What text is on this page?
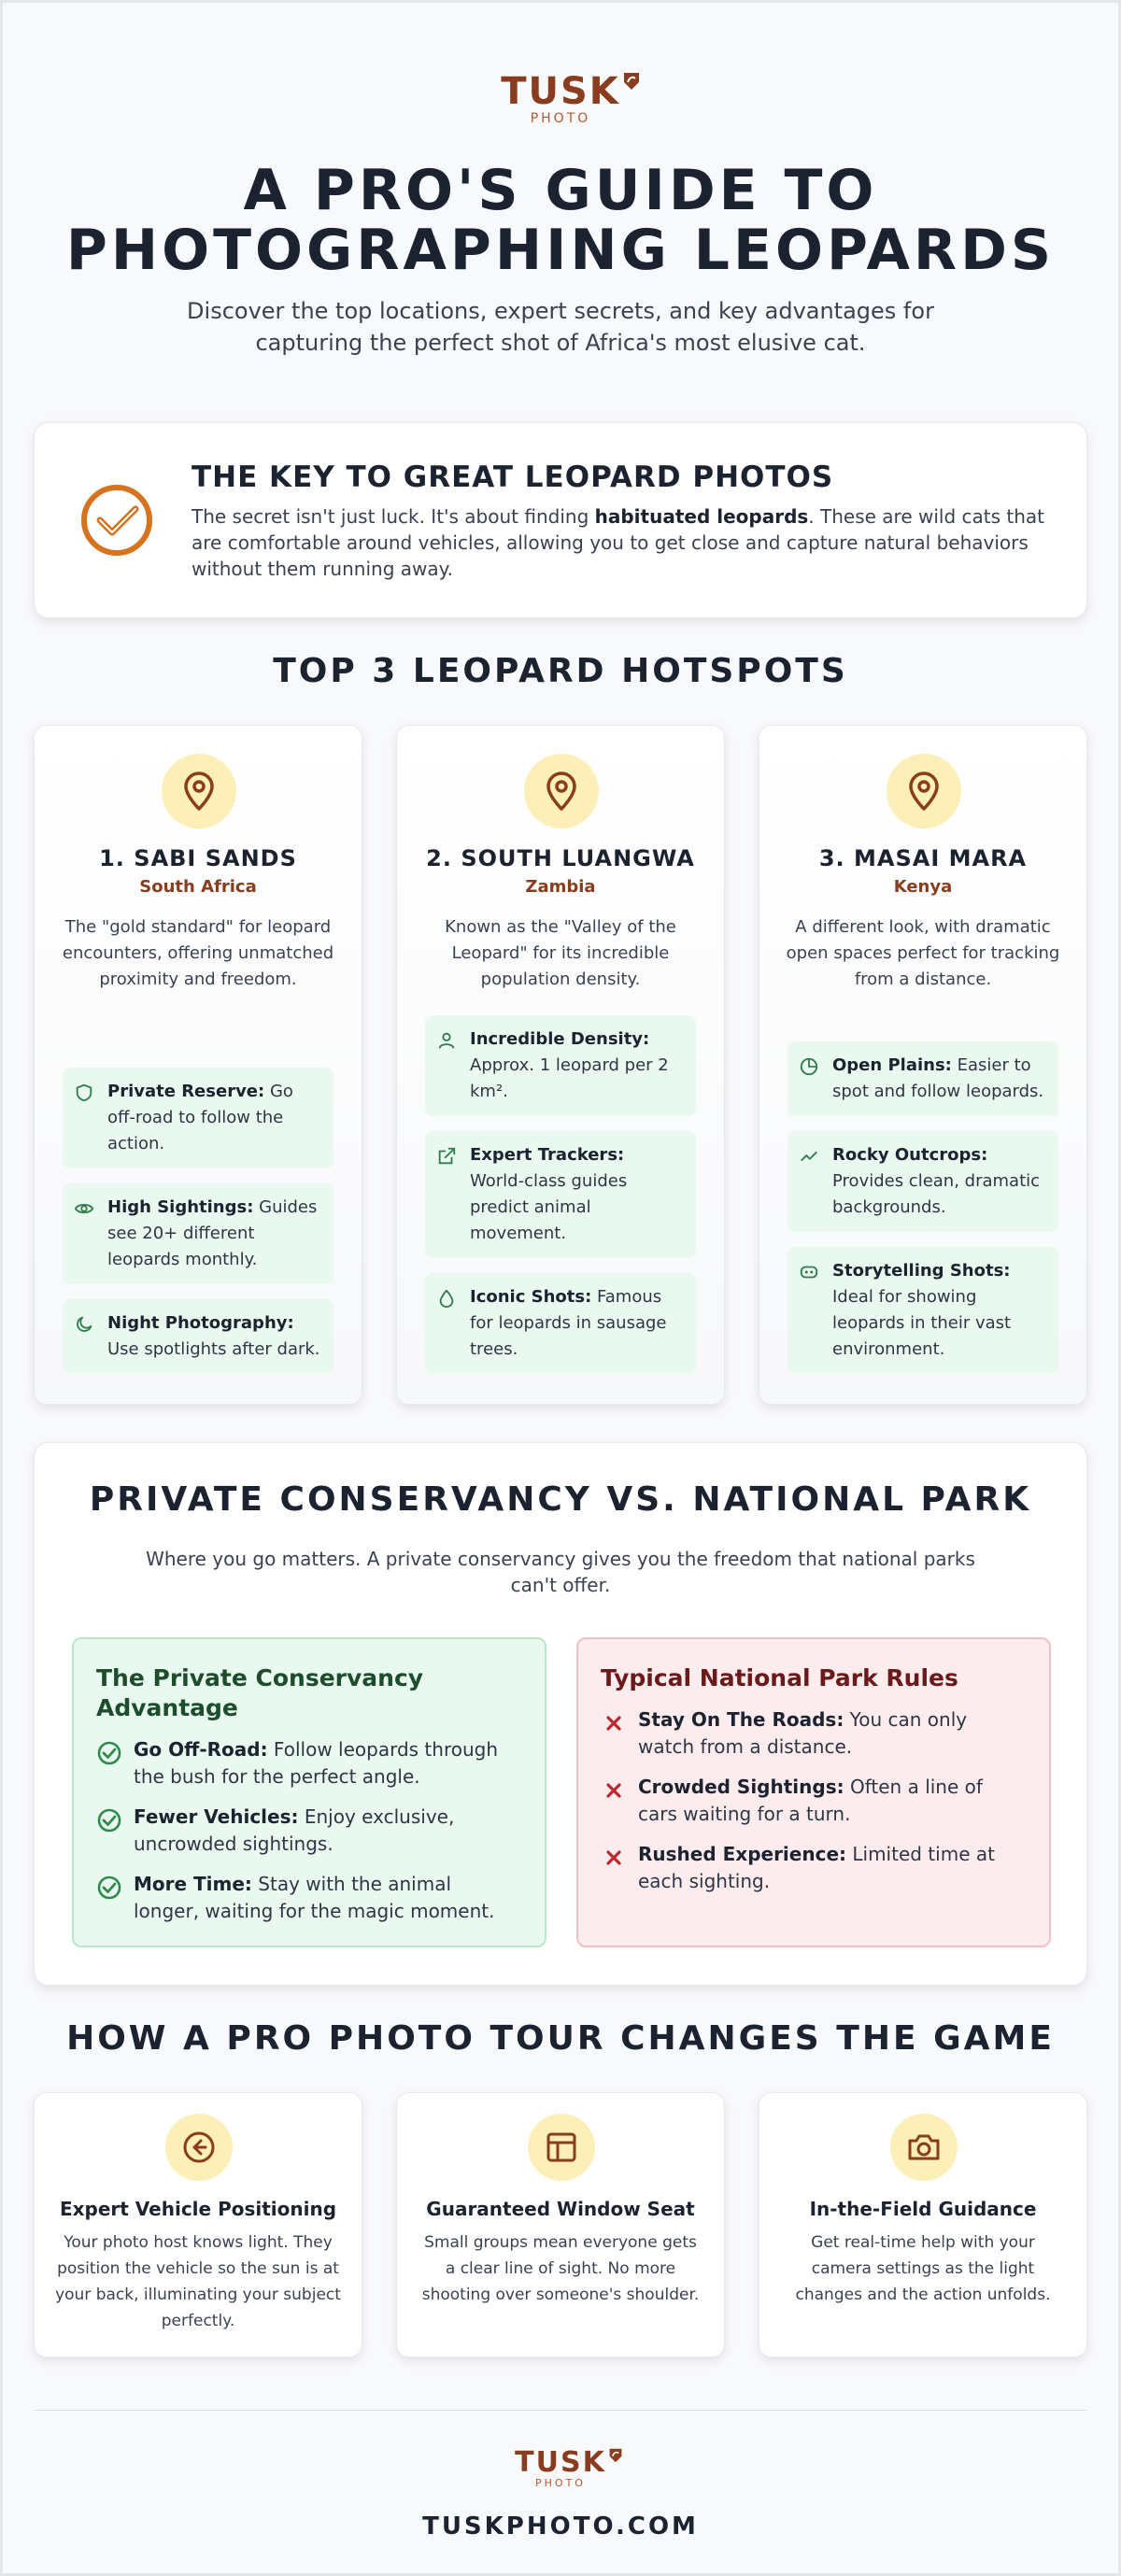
TUSK
PHOTO
A PRO'S GUIDE TO
PHOTOGRAPHING LEOPARDS

Discover the top locations, expert secrets, and key advantages for capturing the perfect shot of Africa's most elusive cat.

THE KEY TO GREAT LEOPARD PHOTOS

The secret isn't just luck. It's about finding habituated leopards. These are wild cats that are comfortable around vehicles, allowing you to get close and capture natural behaviors without them running away.

TOP 3 LEOPARD HOTSPOTS
1. SABI SANDS
South Africa

The "gold standard" for leopard encounters, offering unmatched proximity and freedom.

Private Reserve: Go off-road to follow the action.
High Sightings: Guides see 20+ different leopards monthly.
Night Photography: Use spotlights after dark.
2. SOUTH LUANGWA
Zambia

Known as the "Valley of the Leopard" for its incredible population density.

Incredible Density: Approx. 1 leopard per 2 km².
Expert Trackers: World-class guides predict animal movement.
Iconic Shots: Famous for leopards in sausage trees.
3. MASAI MARA
Kenya

A different look, with dramatic open spaces perfect for tracking from a distance.

Open Plains: Easier to spot and follow leopards.
Rocky Outcrops: Provides clean, dramatic backgrounds.
Storytelling Shots: Ideal for showing leopards in their vast environment.
PRIVATE CONSERVANCY VS. NATIONAL PARK

Where you go matters. A private conservancy gives you the freedom that national parks can't offer.

The Private Conservancy Advantage
Go Off-Road: Follow leopards through the bush for the perfect angle.
Fewer Vehicles: Enjoy exclusive, uncrowded sightings.
More Time: Stay with the animal longer, waiting for the magic moment.
Typical National Park Rules
Stay On The Roads: You can only watch from a distance.
Crowded Sightings: Often a line of cars waiting for a turn.
Rushed Experience: Limited time at each sighting.
HOW A PRO PHOTO TOUR CHANGES THE GAME
Expert Vehicle Positioning

Your photo host knows light. They position the vehicle so the sun is at your back, illuminating your subject perfectly.

Guaranteed Window Seat

Small groups mean everyone gets a clear line of sight. No more shooting over someone's shoulder.

In-the-Field Guidance

Get real-time help with your camera settings as the light changes and the action unfolds.

TUSK
PHOTO
TUSKPHOTO.COM
